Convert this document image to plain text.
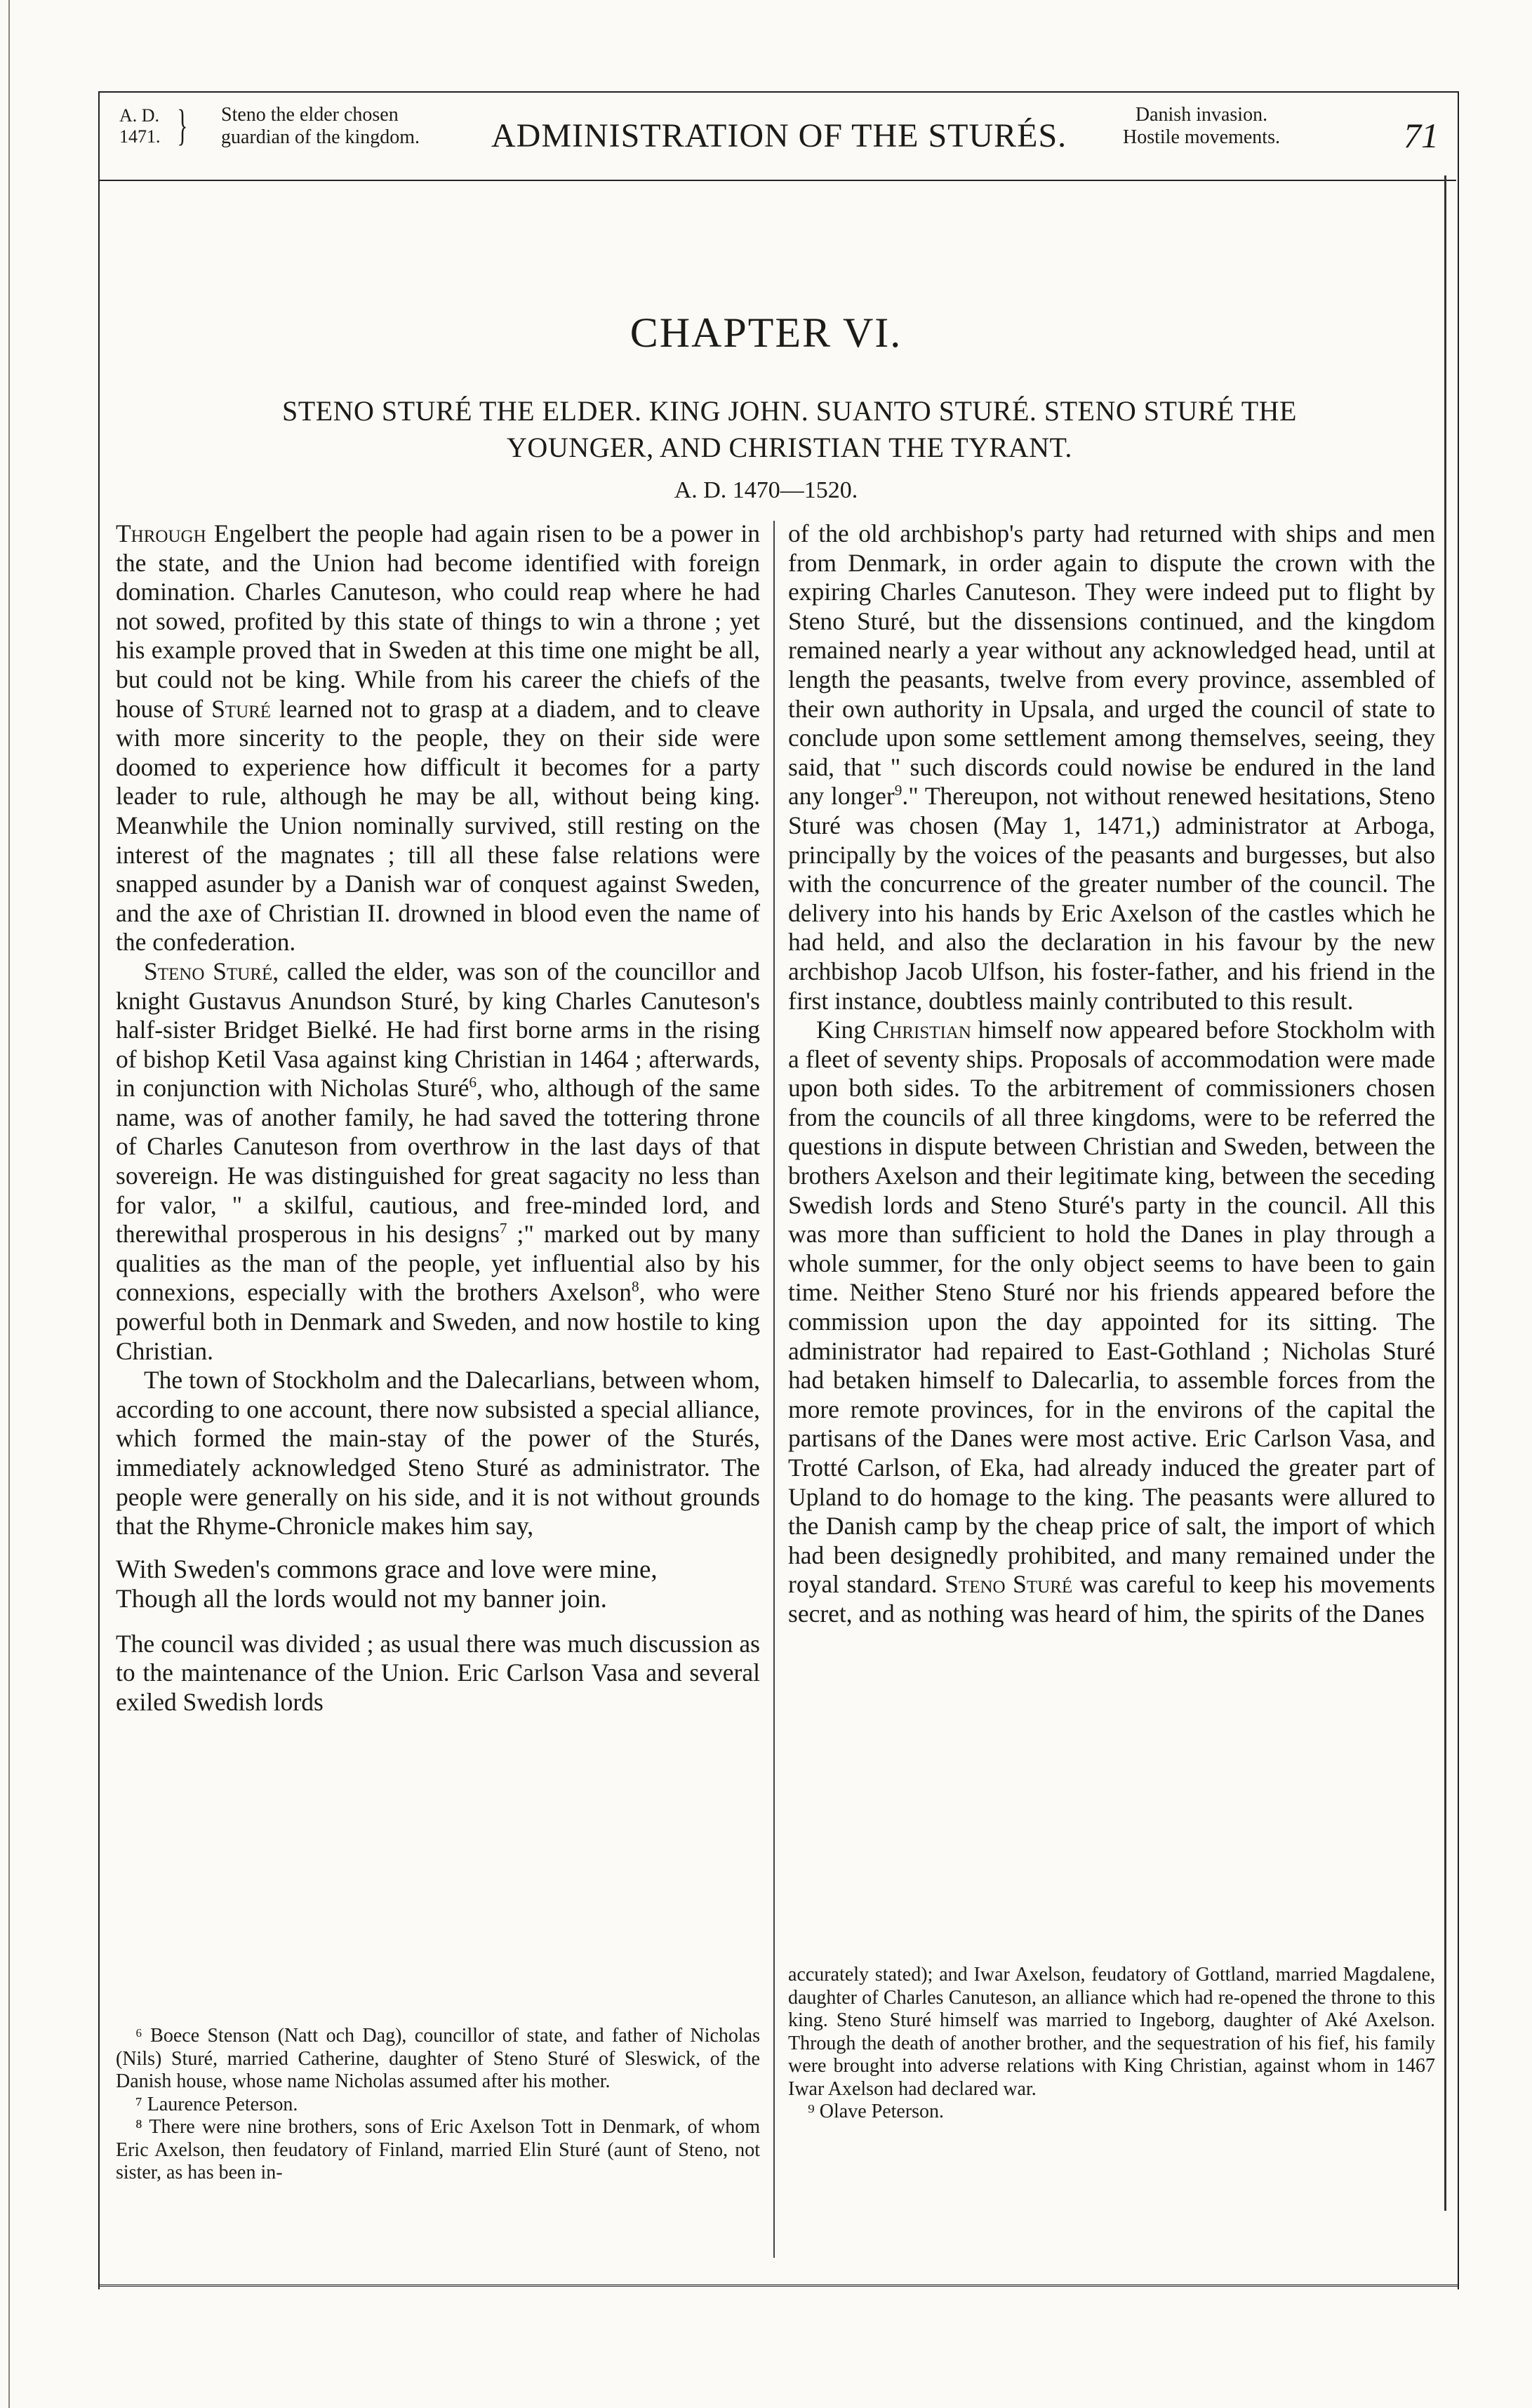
A. D.
1471. } Steno the elder chosen
guardian of the kingdom. ADMINISTRATION OF THE STURÉS.
Danish invasion.
Hostile movements.	71
CHAPTER VI.
STENO STURÉ THE ELDER. KING JOHN. SUANTO STURÉ. STENO STURÉ THE
YOUNGER, AND CHRISTIAN THE TYRANT.
A. D. 1470—1520.

Through Engelbert the people had again risen to be a power in the state, and the Union had become identified with foreign domination. Charles Canuteson, who could reap where he had not sowed, profited by this state of things to win a throne ; yet his example proved that in Sweden at this time one might be all, but could not be king. While from his career the chiefs of the house of Sturé learned not to grasp at a diadem, and to cleave with more sincerity to the people, they on their side were doomed to experience how difficult it becomes for a party leader to rule, although he may be all, without being king. Meanwhile the Union nominally survived, still resting on the interest of the magnates ; till all these false relations were snapped asunder by a Danish war of conquest against Sweden, and the axe of Christian II. drowned in blood even the name of the confederation.

Steno Sturé, called the elder, was son of the councillor and knight Gustavus Anundson Sturé, by king Charles Canuteson's half-sister Bridget Bielké. He had first borne arms in the rising of bishop Ketil Vasa against king Christian in 1464 ; afterwards, in conjunction with Nicholas Sturé$^6$, who, although of the same name, was of another family, he had saved the tottering throne of Charles Canuteson from overthrow in the last days of that sovereign. He was distinguished for great sagacity no less than for valor, " a skilful, cautious, and free-minded lord, and therewithal prosperous in his designs$^7$ ;" marked out by many qualities as the man of the people, yet influential also by his connexions, especially with the brothers Axelson$^8$, who were powerful both in Denmark and Sweden, and now hostile to king Christian.

The town of Stockholm and the Dalecarlians, between whom, according to one account, there now subsisted a special alliance, which formed the main-stay of the power of the Sturés, immediately acknowledged Steno Sturé as administrator. The people were generally on his side, and it is not without grounds that the Rhyme-Chronicle makes him say,

With Sweden's commons grace and love were mine,
Though all the lords would not my banner join.

The council was divided ; as usual there was much discussion as to the maintenance of the Union. Eric Carlson Vasa and several exiled Swedish lords

of the old archbishop's party had returned with ships and men from Denmark, in order again to dispute the crown with the expiring Charles Canuteson. They were indeed put to flight by Steno Sturé, but the dissensions continued, and the kingdom remained nearly a year without any acknowledged head, until at length the peasants, twelve from every province, assembled of their own authority in Upsala, and urged the council of state to conclude upon some settlement among themselves, seeing, they said, that " such discords could nowise be endured in the land any longer$^9$." Thereupon, not without renewed hesitations, Steno Sturé was chosen (May 1, 1471,) administrator at Arboga, principally by the voices of the peasants and burgesses, but also with the concurrence of the greater number of the council. The delivery into his hands by Eric Axelson of the castles which he had held, and also the declaration in his favour by the new archbishop Jacob Ulfson, his foster-father, and his friend in the first instance, doubtless mainly contributed to this result.

King Christian himself now appeared before Stockholm with a fleet of seventy ships. Proposals of accommodation were made upon both sides. To the arbitrement of commissioners chosen from the councils of all three kingdoms, were to be referred the questions in dispute between Christian and Sweden, between the brothers Axelson and their legitimate king, between the seceding Swedish lords and Steno Sturé's party in the council. All this was more than sufficient to hold the Danes in play through a whole summer, for the only object seems to have been to gain time. Neither Steno Sturé nor his friends appeared before the commission upon the day appointed for its sitting. The administrator had repaired to East-Gothland ; Nicholas Sturé had betaken himself to Dalecarlia, to assemble forces from the more remote provinces, for in the environs of the capital the partisans of the Danes were most active. Eric Carlson Vasa, and Trotté Carlson, of Eka, had already induced the greater part of Upland to do homage to the king. The peasants were allured to the Danish camp by the cheap price of salt, the import of which had been designedly prohibited, and many remained under the royal standard. Steno Sturé was careful to keep his movements secret, and as nothing was heard of him, the spirits of the Danes

⁶ Boece Stenson (Natt och Dag), councillor of state, and father of Nicholas (Nils) Sturé, married Catherine, daughter of Steno Sturé of Sleswick, of the Danish house, whose name Nicholas assumed after his mother.

⁷ Laurence Peterson.

⁸ There were nine brothers, sons of Eric Axelson Tott in Denmark, of whom Eric Axelson, then feudatory of Finland, married Elin Sturé (aunt of Steno, not sister, as has been in-

accurately stated); and Iwar Axelson, feudatory of Gottland, married Magdalene, daughter of Charles Canuteson, an alliance which had re-opened the throne to this king. Steno Sturé himself was married to Ingeborg, daughter of Aké Axelson. Through the death of another brother, and the sequestration of his fief, his family were brought into adverse relations with King Christian, against whom in 1467 Iwar Axelson had declared war.

⁹ Olave Peterson.
